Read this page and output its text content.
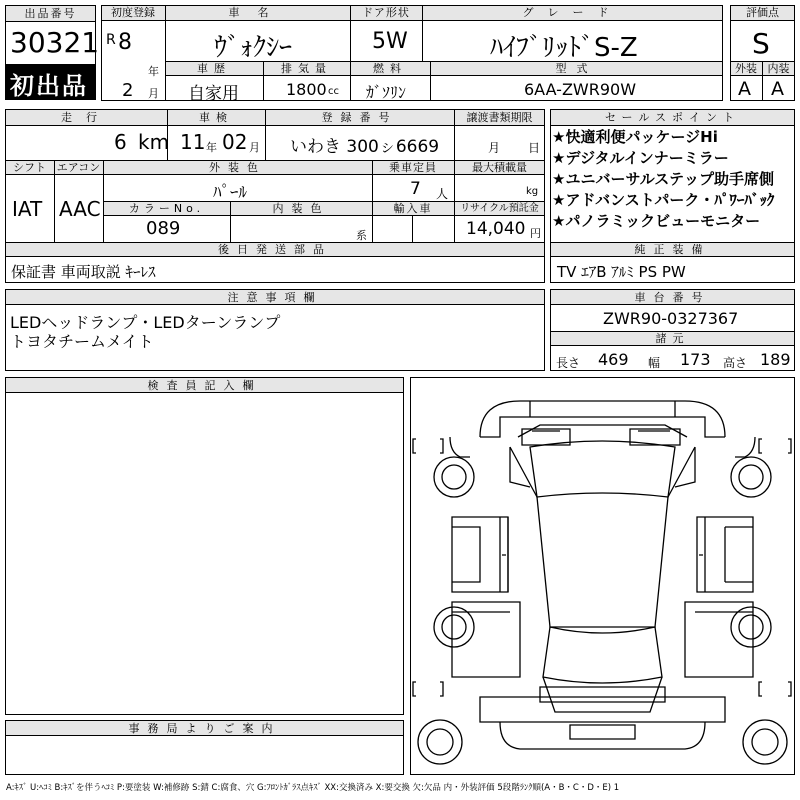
出品番号
30321
初出品
初度登録
R 8
年
2 月
車名
ｳﾞｫｸｼｰ
ドア形状
5W
グレード
ﾊｲﾌﾞﾘｯﾄﾞS-Z
車歴
自家用
排気量
1800 cc
燃料
ｶﾞｿﾘﾝ
型式
6AA-ZWR90W
評価点
S
外装 内装
A A
走行
6 km
車検
11 年 02 月
登録番号
いわき 300ㇱ6669
譲渡書類期限
月 日
シフト
IAT
エアコン
AAC
外装色
ﾊﾟｰﾙ
乗車定員
7 人
最大積載量
kg
カラーNo.
089
内装色
系
輸入車	リサイクル預託金
14,040 円
後日発送部品
保証書 車両取説 ｷｰﾚｽ
セールスポイント
★快適利便パッケージHi
★デジタルインナーミラー
★ユニバーサルステップ助手席側
★アドバンストパーク・ﾊﾟﾜｰﾊﾞｯｸ
★パノラミックビューモニター
純正装備
TV ｴｱB ｱﾙﾐ PS PW
注意事項欄
LEDヘッドランプ・LEDターンランプ
トヨタチームメイト
車台番号
ZWR90-0327367
諸元
長さ 469 幅 173 高さ 189
検査員記入欄
事務局よりご案内
A:ｷｽﾞ U:ﾍｺﾐ B:ｷｽﾞを伴うﾍｺﾐ P:要塗装 W:補修跡 S:錆 C:腐食、穴 G:ﾌﾛﾝﾄｶﾞﾗｽ点ｷｽﾞ XX:交換済み X:要交換 欠:欠品 内・外装評価 5段階ﾗﾝｸ順(A・B・C・D・E) 1
